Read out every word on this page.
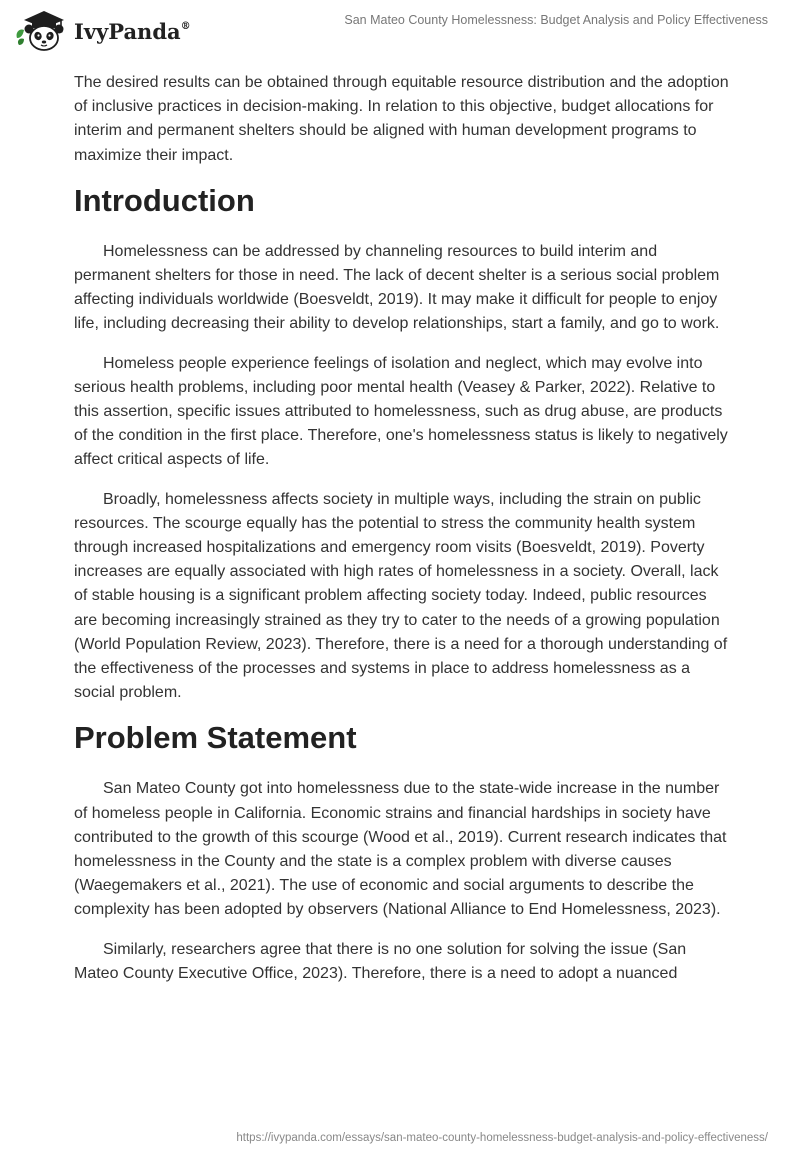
IvyPanda®	San Mateo County Homelessness: Budget Analysis and Policy Effectiveness

The desired results can be obtained through equitable resource distribution and the adoption of inclusive practices in decision-making. In relation to this objective, budget allocations for interim and permanent shelters should be aligned with human development programs to maximize their impact.

Introduction

Homelessness can be addressed by channeling resources to build interim and permanent shelters for those in need. The lack of decent shelter is a serious social problem affecting individuals worldwide (Boesveldt, 2019). It may make it difficult for people to enjoy life, including decreasing their ability to develop relationships, start a family, and go to work.

Homeless people experience feelings of isolation and neglect, which may evolve into serious health problems, including poor mental health (Veasey & Parker, 2022). Relative to this assertion, specific issues attributed to homelessness, such as drug abuse, are products of the condition in the first place. Therefore, one's homelessness status is likely to negatively affect critical aspects of life.

Broadly, homelessness affects society in multiple ways, including the strain on public resources. The scourge equally has the potential to stress the community health system through increased hospitalizations and emergency room visits (Boesveldt, 2019). Poverty increases are equally associated with high rates of homelessness in a society. Overall, lack of stable housing is a significant problem affecting society today. Indeed, public resources are becoming increasingly strained as they try to cater to the needs of a growing population (World Population Review, 2023). Therefore, there is a need for a thorough understanding of the effectiveness of the processes and systems in place to address homelessness as a social problem.

Problem Statement

San Mateo County got into homelessness due to the state-wide increase in the number of homeless people in California. Economic strains and financial hardships in society have contributed to the growth of this scourge (Wood et al., 2019). Current research indicates that homelessness in the County and the state is a complex problem with diverse causes (Waegemakers et al., 2021). The use of economic and social arguments to describe the complexity has been adopted by observers (National Alliance to End Homelessness, 2023).

Similarly, researchers agree that there is no one solution for solving the issue (San Mateo County Executive Office, 2023). Therefore, there is a need to adopt a nuanced

https://ivypanda.com/essays/san-mateo-county-homelessness-budget-analysis-and-policy-effectiveness/
